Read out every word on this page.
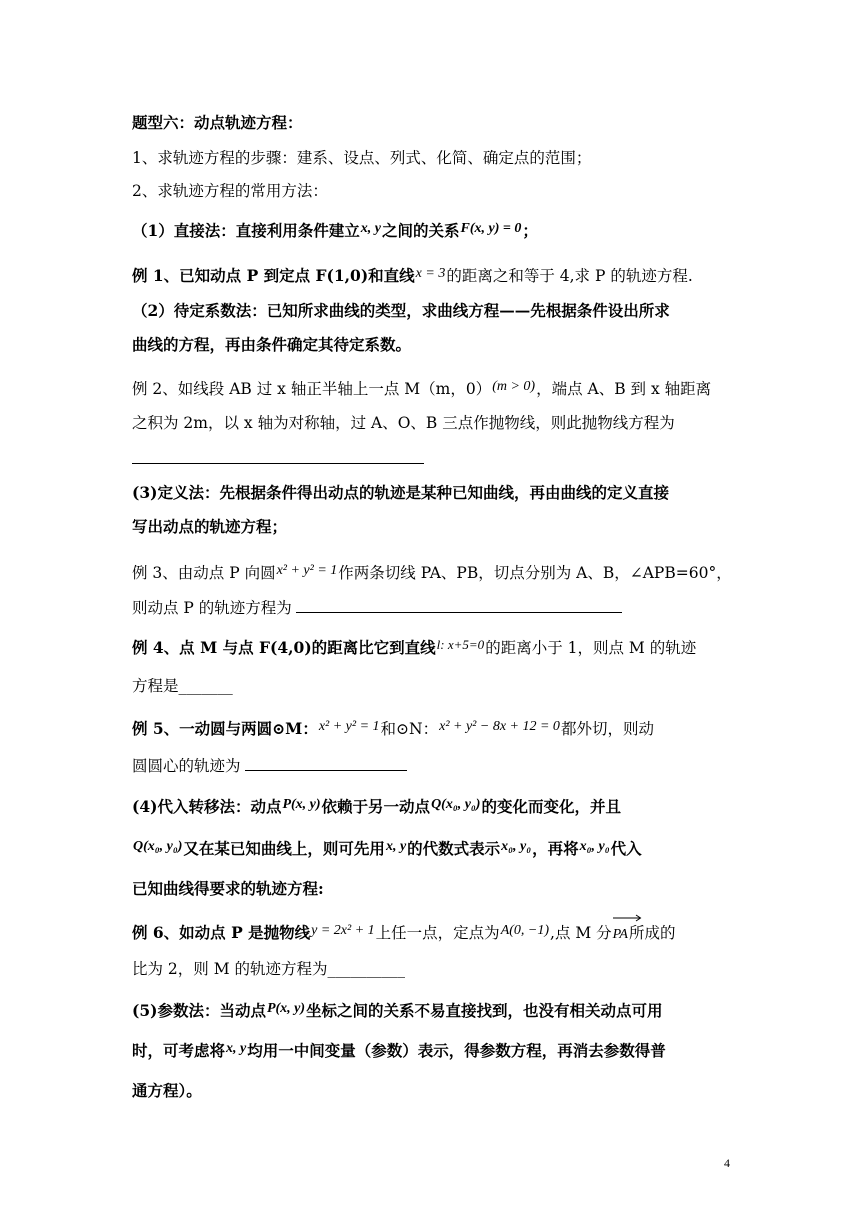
题型六：动点轨迹方程：
1、求轨迹方程的步骤：建系、设点、列式、化简、确定点的范围；
2、求轨迹方程的常用方法：
（1）直接法：直接利用条件建立x, y之间的关系F(x, y) = 0；
例 1、已知动点 P 到定点 F(1,0)和直线x = 3的距离之和等于 4,求 P 的轨迹方程.
（2）待定系数法：已知所求曲线的类型，求曲线方程——先根据条件设出所求
曲线的方程，再由条件确定其待定系数。
例 2、如线段 AB 过 x 轴正半轴上一点 M（m，0）(m > 0)，端点 A、B 到 x 轴距离
之积为 2m，以 x 轴为对称轴，过 A、O、B 三点作抛物线，则此抛物线方程为
(3)定义法：先根据条件得出动点的轨迹是某种已知曲线，再由曲线的定义直接
写出动点的轨迹方程；
例 3、由动点 P 向圆x² + y² = 1作两条切线 PA、PB，切点分别为 A、B，∠APB=60°，
则动点 P 的轨迹方程为
例 4、点 M 与点 F(4,0)的距离比它到直线$^{l: x+5=0}$的距离小于 1，则点 M 的轨迹
方程是_______
例 5、一动圆与两圆⊙M：x² + y² = 1和⊙N：x² + y² − 8x + 12 = 0都外切，则动
圆圆心的轨迹为
(4)代入转移法：动点P(x, y)依赖于另一动点Q(x₀, y₀)的变化而变化，并且
Q(x₀, y₀)又在某已知曲线上，则可先用x, y的代数式表示x₀, y₀，再将x₀, y₀代入
已知曲线得要求的轨迹方程:
例 6、如动点 P 是抛物线y = 2x² + 1上任一点，定点为A(0, −1),点 M 分
PA所成的
比为 2，则 M 的轨迹方程为__________
(5)参数法：当动点P(x, y)坐标之间的关系不易直接找到，也没有相关动点可用
时，可考虑将x, y均用一中间变量（参数）表示，得参数方程，再消去参数得普
通方程）。
4
